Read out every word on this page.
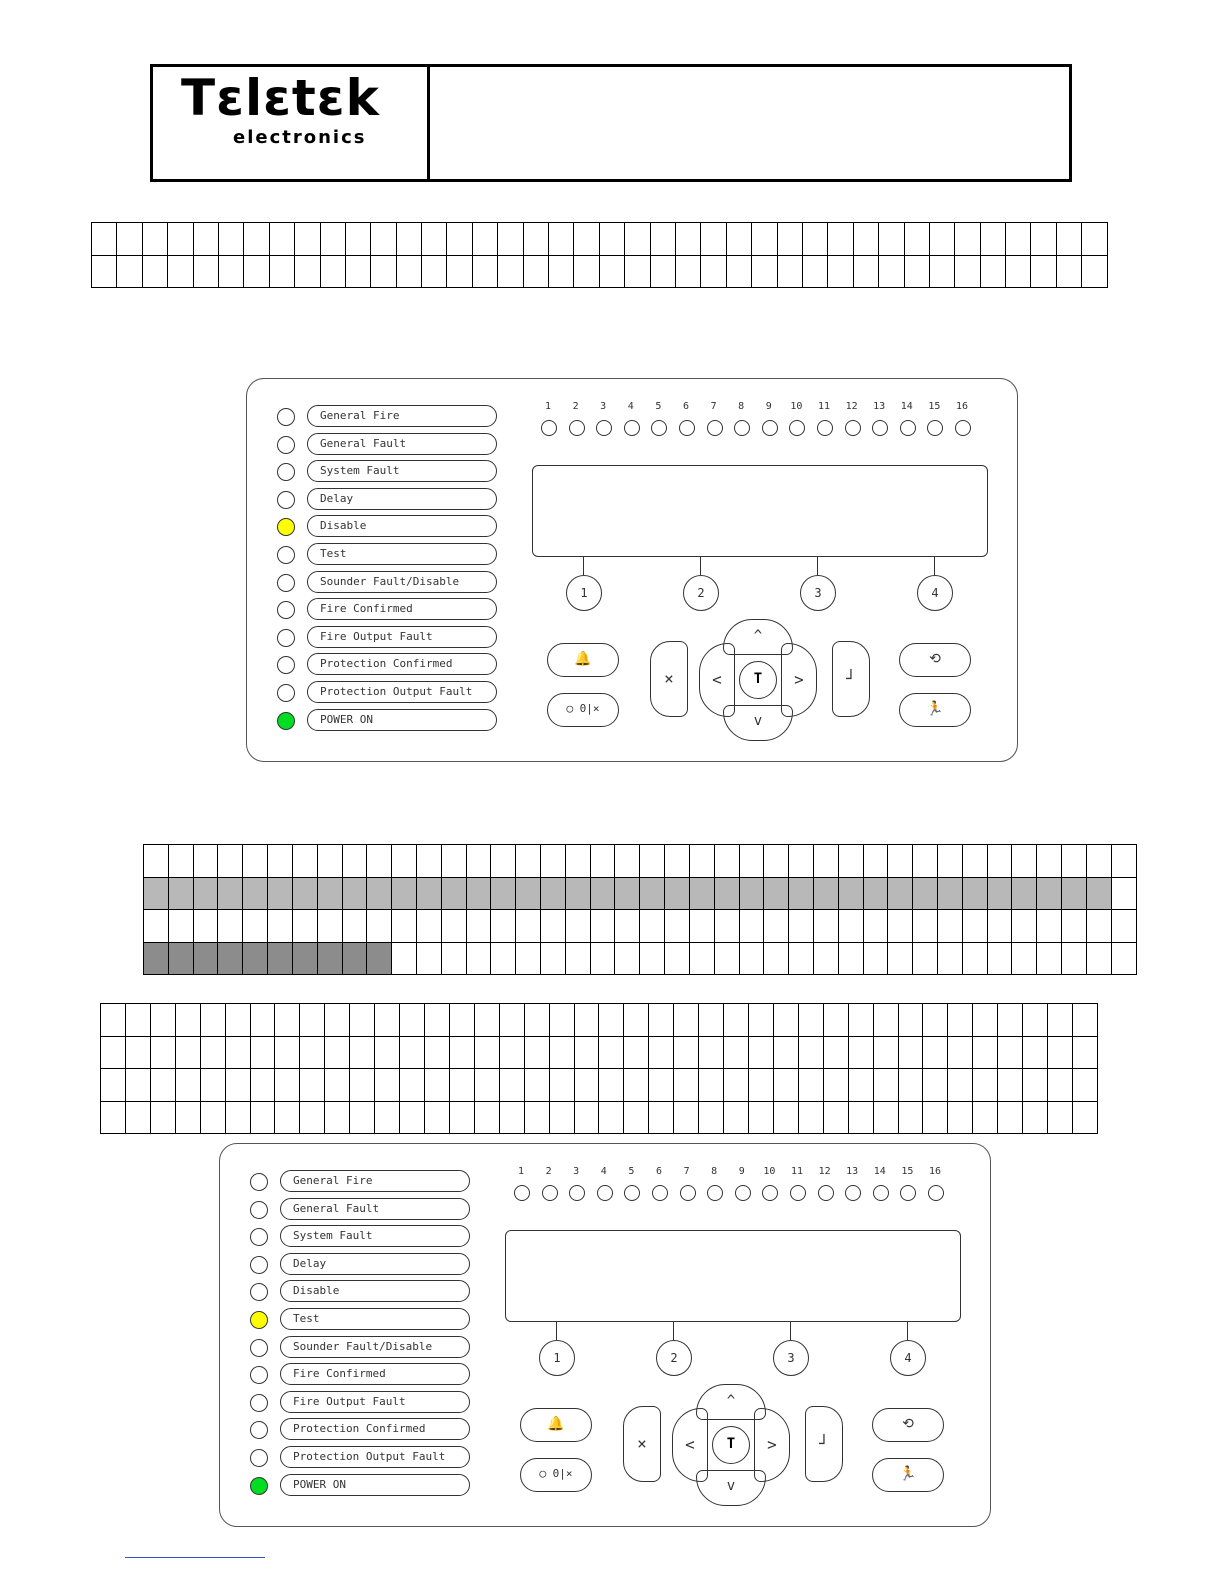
Tɛlɛtɛk
electronics

General Fire
General Fault
System Fault
Delay
Disable
Test
Sounder Fault/Disable
Fire Confirmed
Fire Output Fault
Protection Confirmed
Protection Output Fault
POWER ON
1	2	3	4	5	6	7	8	9	10	11	12	13	14	15	16
1	2	3	4
🔔
◯ 0|×
⟲
🏃
×	┘
^
v
<	>
T

General Fire
General Fault
System Fault
Delay
Disable
Test
Sounder Fault/Disable
Fire Confirmed
Fire Output Fault
Protection Confirmed
Protection Output Fault
POWER ON
1	2	3	4	5	6	7	8	9	10	11	12	13	14	15	16
1	2	3	4
🔔
◯ 0|×
⟲
🏃
×	┘
^
v
<	>
T
